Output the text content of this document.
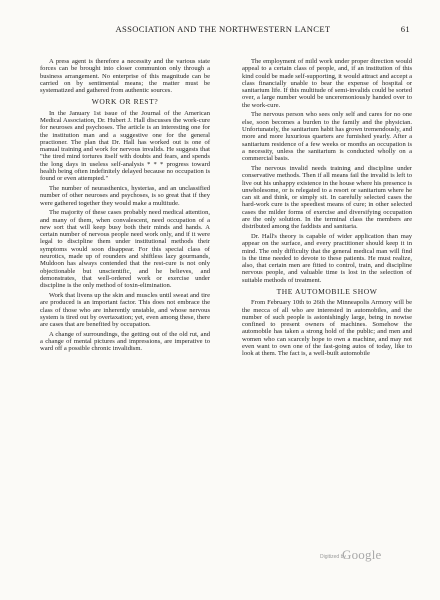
ASSOCIATION AND THE NORTHWESTERN LANCET	61

A press agent is therefore a necessity and the various state forces can be brought into closer communion only through a business arrangement. No enterprise of this magnitude can be carried on by sentimental means; the matter must be systematized and gathered from authentic sources.

WORK OR REST?

In the January 1st issue of the Journal of the American Medical Association, Dr. Hubert J. Hall discusses the work-cure for neuroses and psychoses. The article is an interesting one for the institution man and a suggestive one for the general practioner. The plan that Dr. Hall has worked out is one of manual training and work for nervous invalids. He suggests that "the tired mind tortures itself with doubts and fears, and spends the long days in useless self-analysis * * * progress toward health being often indefinitely delayed because no occupation is found or even attempted."

The number of neurasthenics, hysterias, and an unclassified number of other neuroses and psychoses, is so great that if they were gathered together they would make a multitude.

The majority of these cases probably need medical attention, and many of them, when convalescent, need occupation of a new sort that will keep busy both their minds and hands. A certain number of nervous people need work only, and if it were legal to discipline them under institutional methods their symptoms would soon disappear. For this special class of neurotics, made up of rounders and shiftless lazy gourmands, Muldoon has always contended that the rest-cure is not only objectionable but unscientific, and he believes, and demonstrates, that well-ordered work or exercise under discipline is the only method of toxin-elimination.

Work that livens up the skin and muscles until sweat and tire are produced is an important factor. This does not embrace the class of those who are inherently unstable, and whose nervous system is tired out by overtaxation; yet, even among these, there are cases that are benefited by occupation.

A change of surroundings, the getting out of the old rut, and a change of mental pictures and impressions, are imperative to ward off a possible chronic invalidism.

The employment of mild work under proper direction would appeal to a certain class of people, and, if an institution of this kind could be made self-supporting, it would attract and accept a class financially unable to bear the expense of hospital or sanitarium life. If this multitude of semi-invalids could be sorted over, a large number would be unceremoniously handed over to the work-cure.

The nervous person who sees only self and cares for no one else, soon becomes a burden to the family and the physician. Unfortunately, the sanitarium habit has grown tremendously, and more and more luxurious quarters are furnished yearly. After a sanitarium residence of a few weeks or months an occupation is a necessity, unless the sanitarium is conducted wholly on a commercial basis.

The nervous invalid needs training and discipline under conservative methods. Then if all means fail the invalid is left to live out his unhappy existence in the house where his presence is unwholesome, or is relegated to a resort or sanitarium where he can sit and think, or simply sit. In carefully selected cases the hard-work cure is the speediest means of cure; in other selected cases the milder forms of exercise and diversifying occupation are the only solution. In the terminal class the members are distributed among the faddists and sanitaria.

Dr. Hall's theory is capable of wider application than may appear on the surface, and every practitioner should keep it in mind. The only difficulty that the general medical man will find is the time needed to devote to these patients. He must realize, also, that certain men are fitted to control, train, and discipline nervous people, and valuable time is lost in the selection of suitable methods of treatment.

THE AUTOMOBILE SHOW

From February 10th to 26th the Minneapolis Armory will be the mecca of all who are interested in automobiles, and the number of such people is astonishingly large, being in nowise confined to present owners of machines. Somehow the automobile has taken a strong hold of the public; and men and women who can scarcely hope to own a machine, and may not even want to own one of the fast-going autos of today, like to look at them. The fact is, a well-built automobile

Digitized by
Google
